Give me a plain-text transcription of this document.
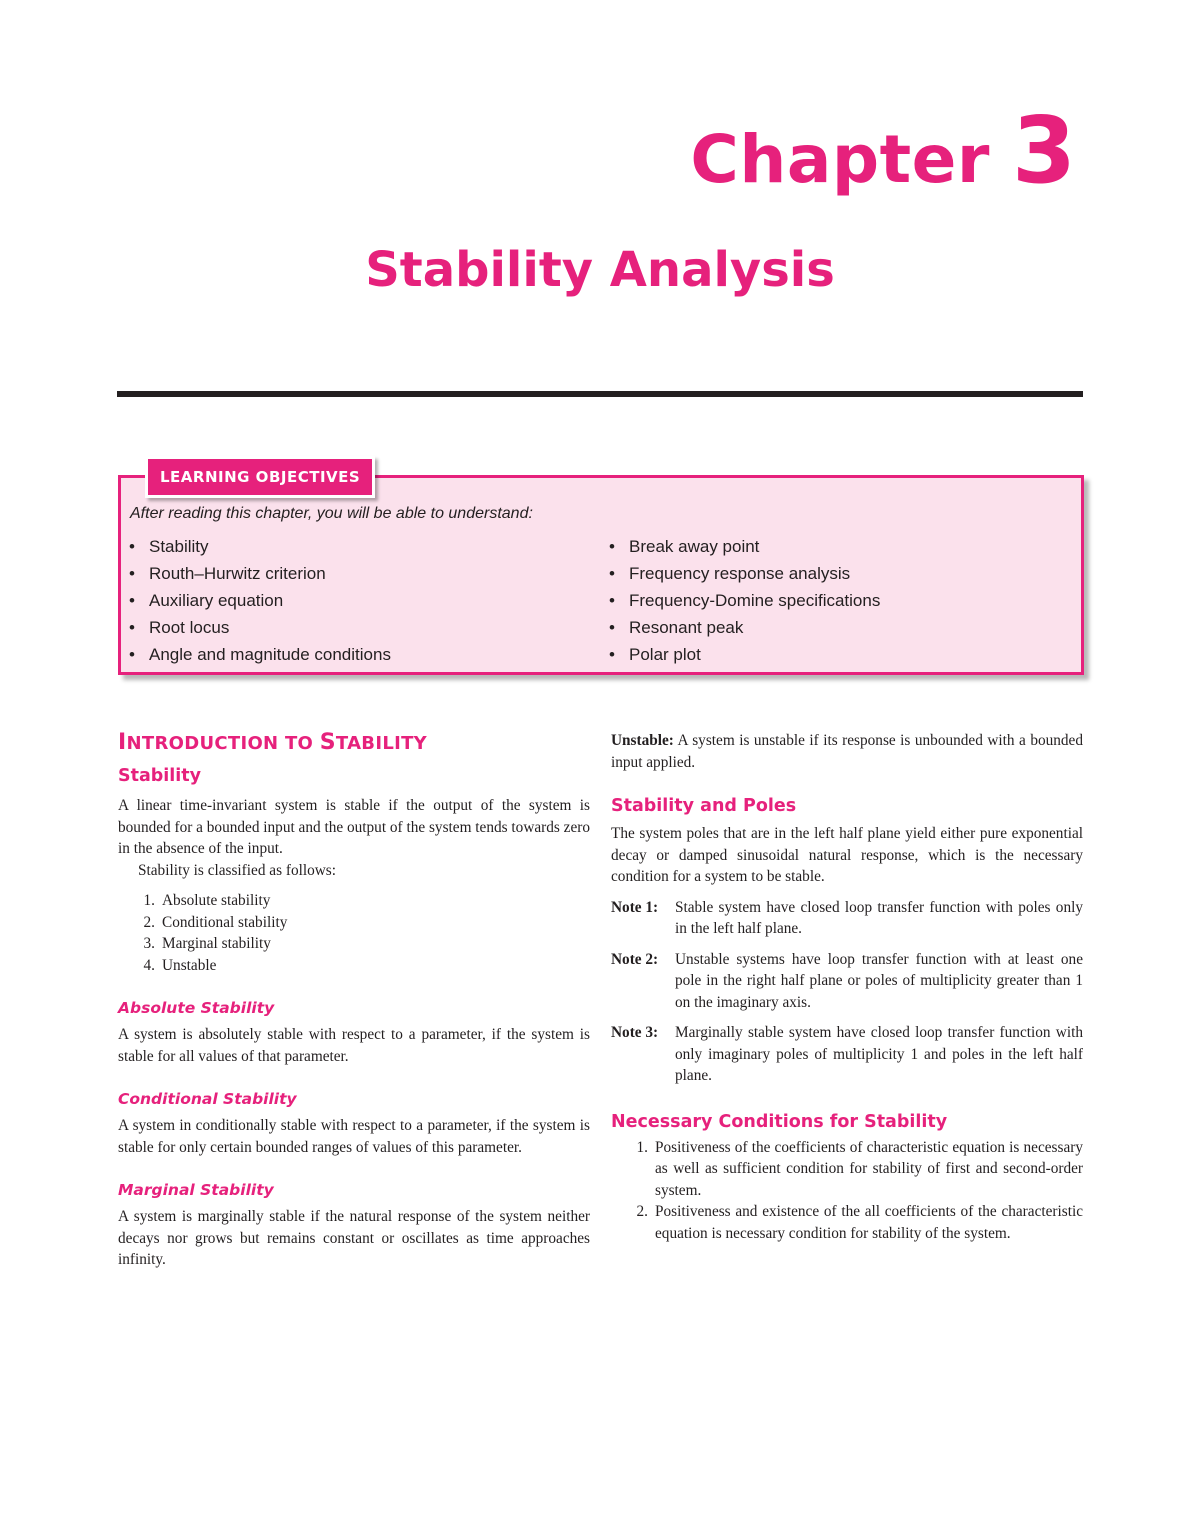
Chapter 3
Stability Analysis
LEARNING OBJECTIVES
After reading this chapter, you will be able to understand:
• Stability
• Routh–Hurwitz criterion
• Auxiliary equation
• Root locus
• Angle and magnitude conditions
• Break away point
• Frequency response analysis
• Frequency-Domine specifications
• Resonant peak
• Polar plot
INTRODUCTION TO STABILITY
Stability

A linear time-invariant system is stable if the output of the system is bounded for a bounded input and the output of the system tends towards zero in the absence of the input.

Stability is classified as follows:

1. Absolute stability
2. Conditional stability
3. Marginal stability
4. Unstable
Absolute Stability

A system is absolutely stable with respect to a parameter, if the system is stable for all values of that parameter.

Conditional Stability

A system in conditionally stable with respect to a parameter, if the system is stable for only certain bounded ranges of values of this parameter.

Marginal Stability

A system is marginally stable if the natural response of the system neither decays nor grows but remains constant or oscillates as time approaches infinity.

Unstable: A system is unstable if its response is unbounded with a bounded input applied.

Stability and Poles

The system poles that are in the left half plane yield either pure exponential decay or damped sinusoidal natural response, which is the necessary condition for a system to be stable.

Note 1:	Stable system have closed loop transfer function with poles only in the left half plane.
Note 2:	Unstable systems have loop transfer function with at least one pole in the right half plane or poles of multiplicity greater than 1 on the imaginary axis.
Note 3:	Marginally stable system have closed loop transfer function with only imaginary poles of multiplicity 1 and poles in the left half plane.
Necessary Conditions for Stability
1. Positiveness of the coefficients of characteristic equation is necessary as well as sufficient condition for stability of first and second-order system.
2. Positiveness and existence of the all coefficients of the characteristic equation is necessary condition for stability of the system.
